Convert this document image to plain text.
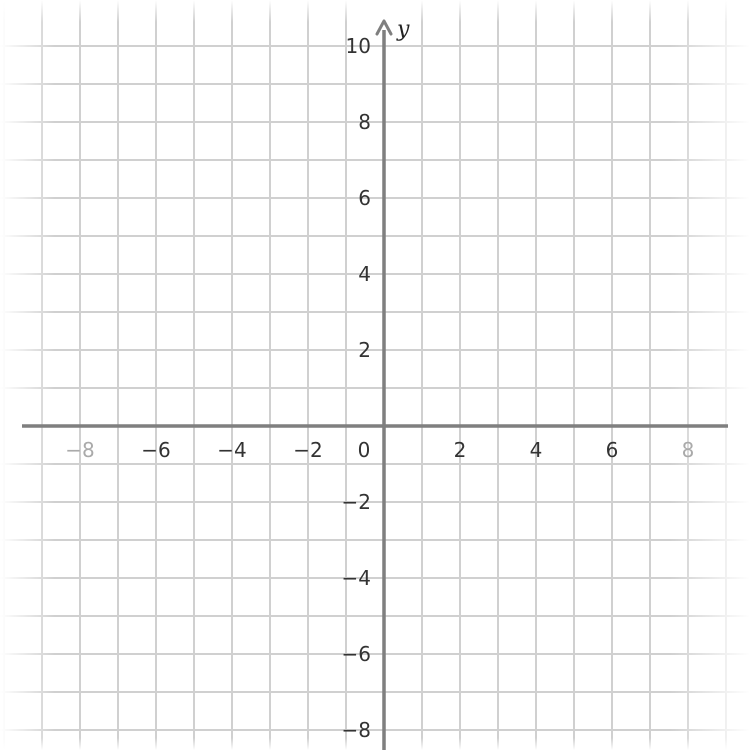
y
−8 −6 −4 −2	2	4	6	8
10
8
6
4
2
−2
−4
−6
−8
0
